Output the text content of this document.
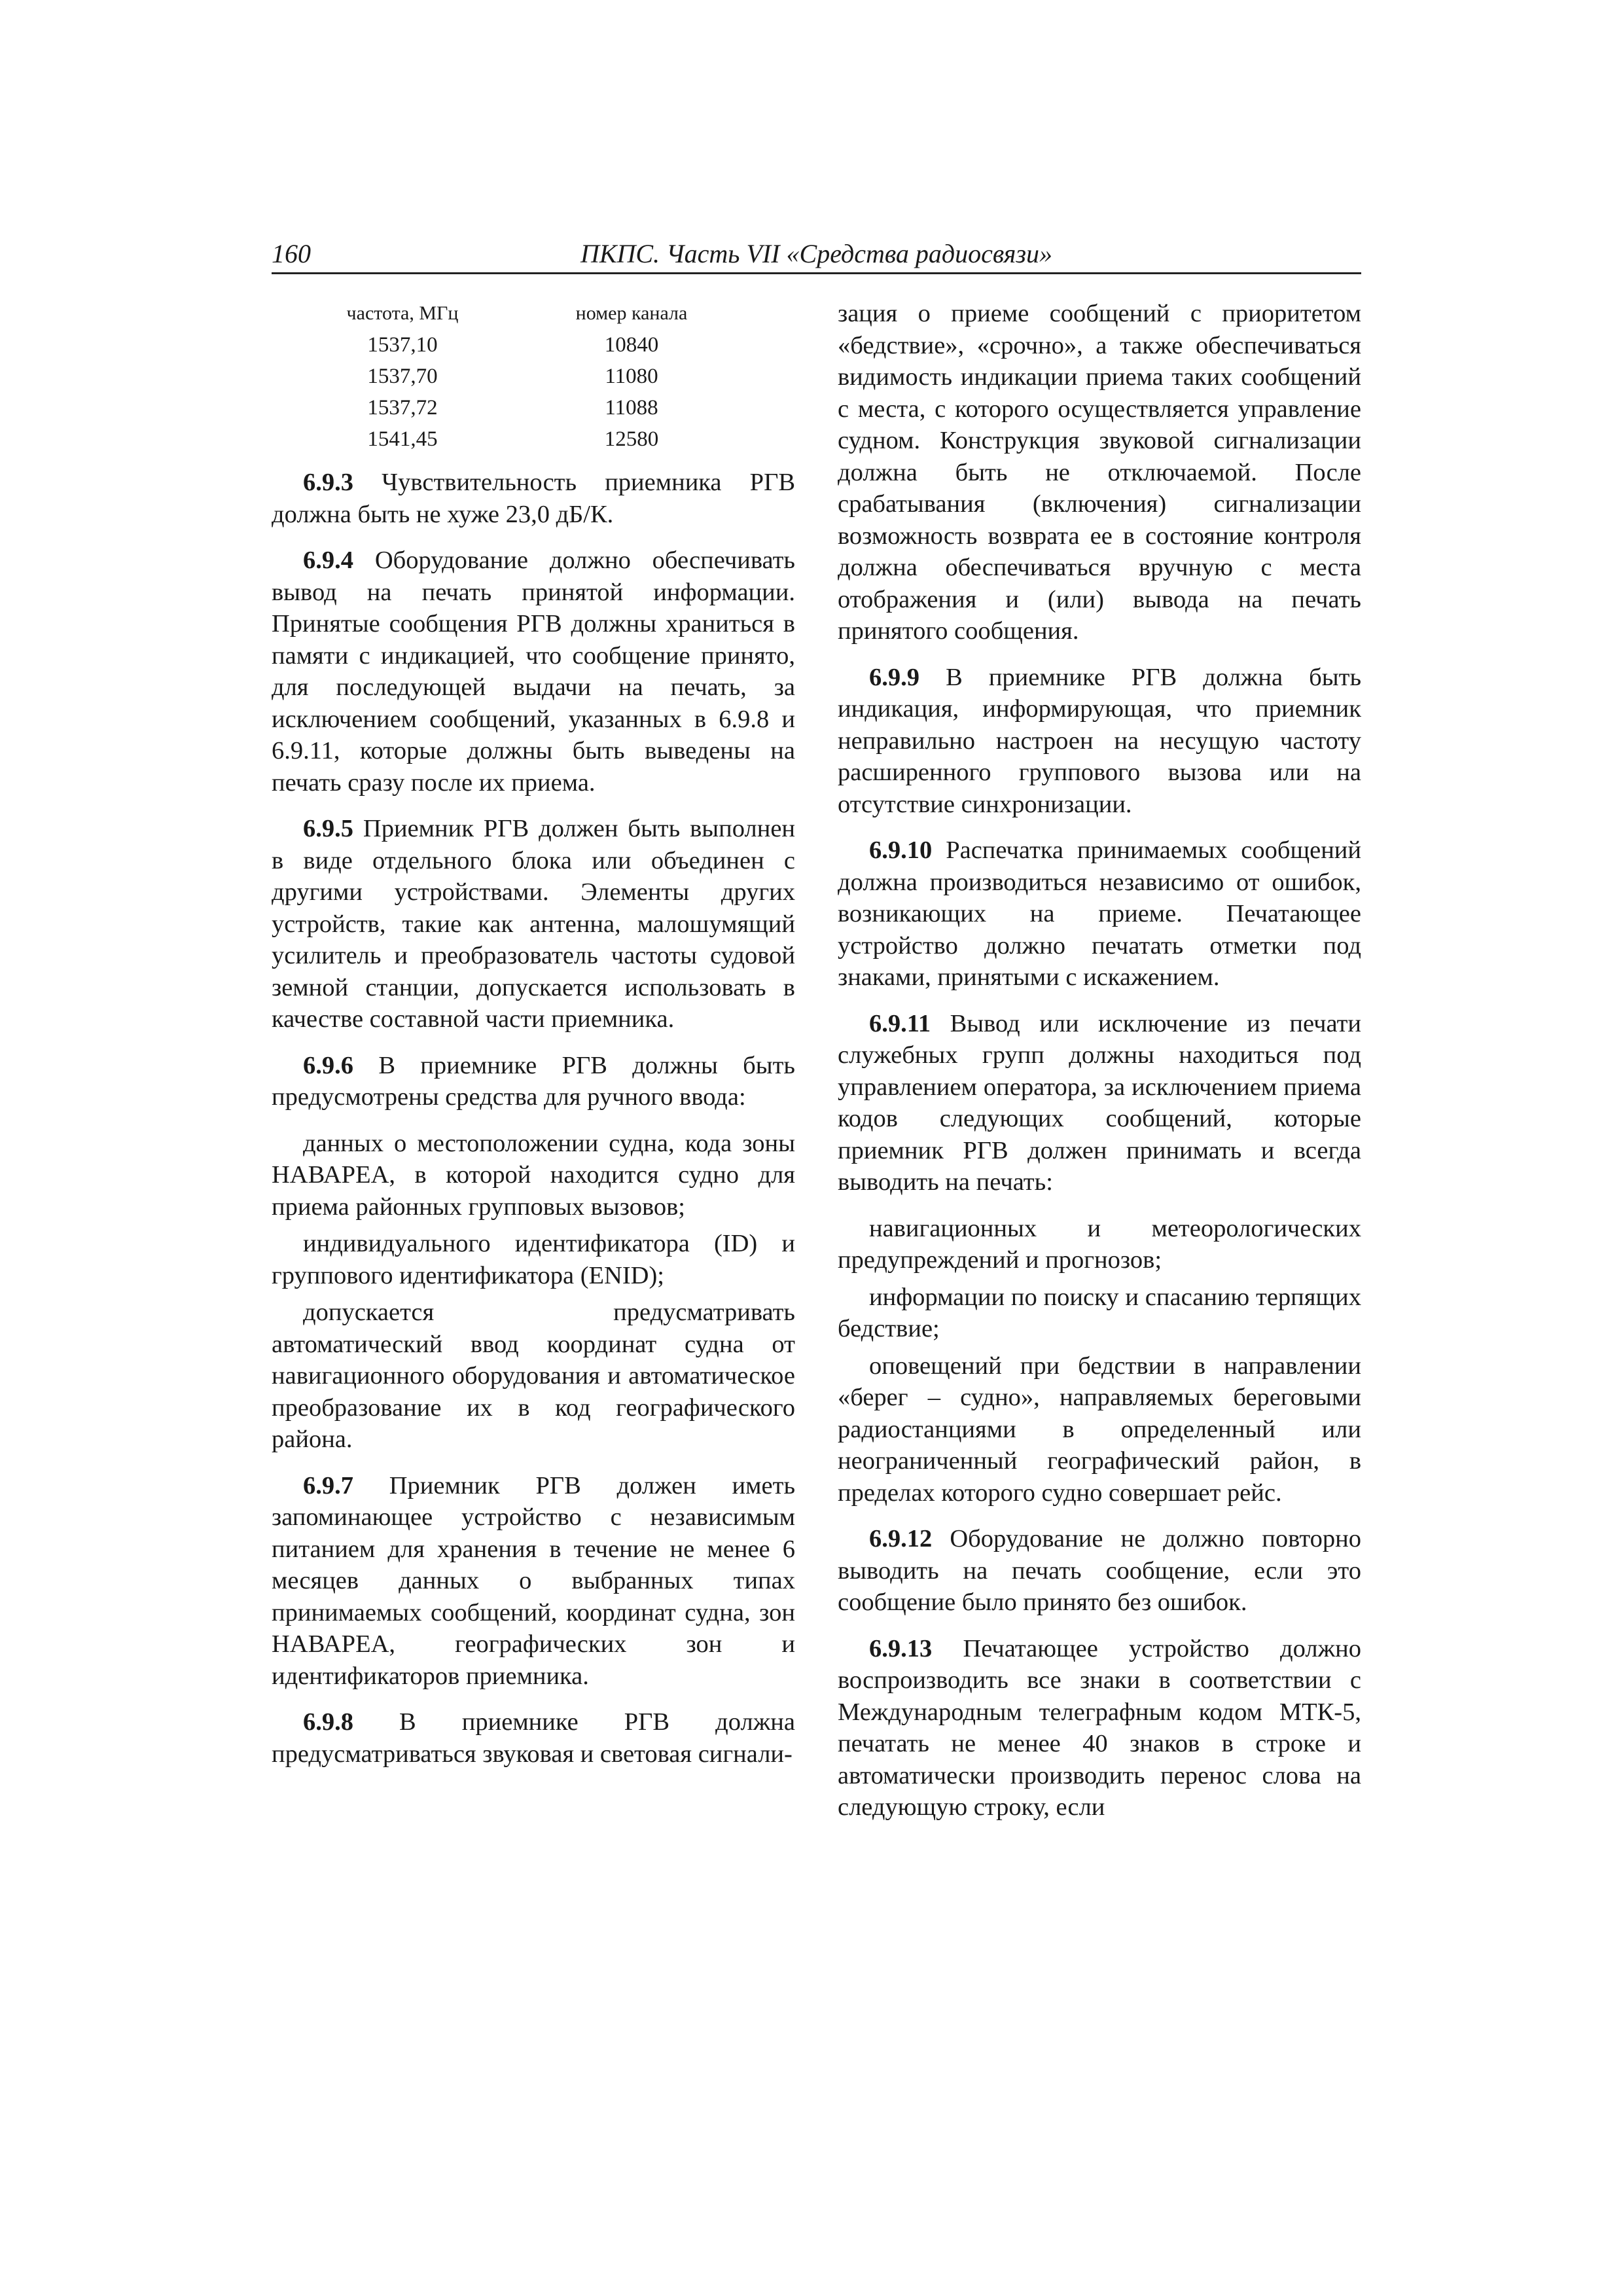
160	ПКПС. Часть VII «Средства радиосвязи»
частота, МГц	номер канала
1537,10	10840
1537,70	11080
1537,72	11088
1541,45	12580

6.9.3 Чувствительность приемника РГВ должна быть не хуже 23,0 дБ/К.

6.9.4 Оборудование должно обеспечивать вывод на печать принятой информации. Принятые сообщения РГВ должны храниться в памяти с индикацией, что сообщение принято, для последующей выдачи на печать, за исключением сообщений, указанных в 6.9.8 и 6.9.11, которые должны быть выведены на печать сразу после их приема.

6.9.5 Приемник РГВ должен быть выполнен в виде отдельного блока или объединен с другими устройствами. Элементы других устройств, такие как антенна, малошумящий усилитель и преобразователь частоты судовой земной станции, допускается использовать в качестве составной части приемника.

6.9.6 В приемнике РГВ должны быть предусмотрены средства для ручного ввода:

данных о местоположении судна, кода зоны НАВАРЕА, в которой находится судно для приема районных групповых вызовов;

индивидуального идентификатора (ID) и группового идентификатора (ENID);

допускается предусматривать автоматический ввод координат судна от навигационного оборудования и автоматическое преобразование их в код географического района.

6.9.7 Приемник РГВ должен иметь запоминающее устройство с независимым питанием для хранения в течение не менее 6 месяцев данных о выбранных типах принимаемых сообщений, координат судна, зон НАВАРЕА, географических зон и идентификаторов приемника.

6.9.8 В приемнике РГВ должна предусматриваться звуковая и световая сигнали-

зация о приеме сообщений с приоритетом «бедствие», «срочно», а также обеспечиваться видимость индикации приема таких сообщений с места, с которого осуществляется управление судном. Конструкция звуковой сигнализации должна быть не отключаемой. После срабатывания (включения) сигнализации возможность возврата ее в состояние контроля должна обеспечиваться вручную с места отображения и (или) вывода на печать принятого сообщения.

6.9.9 В приемнике РГВ должна быть индикация, информирующая, что приемник неправильно настроен на несущую частоту расширенного группового вызова или на отсутствие синхронизации.

6.9.10 Распечатка принимаемых сообщений должна производиться независимо от ошибок, возникающих на приеме. Печатающее устройство должно печатать отметки под знаками, принятыми с искажением.

6.9.11 Вывод или исключение из печати служебных групп должны находиться под управлением оператора, за исключением приема кодов следующих сообщений, которые приемник РГВ должен принимать и всегда выводить на печать:

навигационных и метеорологических предупреждений и прогнозов;

информации по поиску и спасанию терпящих бедствие;

оповещений при бедствии в направлении «берег – судно», направляемых береговыми радиостанциями в определенный или неограниченный географический район, в пределах которого судно совершает рейс.

6.9.12 Оборудование не должно повторно выводить на печать сообщение, если это сообщение было принято без ошибок.

6.9.13 Печатающее устройство должно воспроизводить все знаки в соответствии с Международным телеграфным кодом МТК-5, печатать не менее 40 знаков в строке и автоматически производить перенос слова на следующую строку, если
